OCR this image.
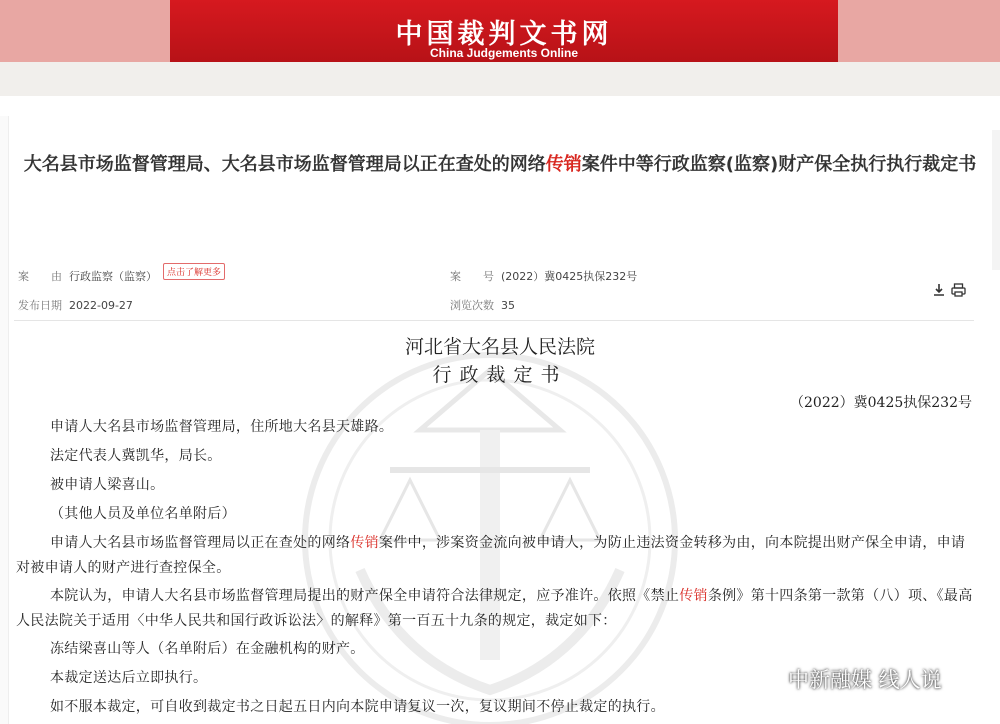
中国裁判文书网
China Judgements Online
大名县市场监督管理局、大名县市场监督管理局以正在查处的网络传销案件中等行政监察(监察)财产保全执行执行裁定书
案　　由 行政监察（监察）	点击了解更多	案　　号 (2022）冀0425执保232号
发布日期 2022-09-27	浏览次数 35

河北省大名县人民法院
行政裁定书
（2022）冀0425执保232号
申请人大名县市场监督管理局，住所地大名县天雄路。
法定代表人冀凯华，局长。
被申请人梁喜山。
（其他人员及单位名单附后）
申请人大名县市场监督管理局以正在查处的网络传销案件中，涉案资金流向被申请人，为防止违法资金转移为由，向本院提出财产保全申请，申请对被申请人的财产进行查控保全。
本院认为，申请人大名县市场监督管理局提出的财产保全申请符合法律规定，应予准许。依照《禁止传销条例》第十四条第一款第（八）项、《最高人民法院关于适用〈中华人民共和国行政诉讼法〉的解释》第一百五十九条的规定，裁定如下：
冻结梁喜山等人（名单附后）在金融机构的财产。
本裁定送达后立即执行。
如不服本裁定，可自收到裁定书之日起五日内向本院申请复议一次，复议期间不停止裁定的执行。
中新融媒 线人说
